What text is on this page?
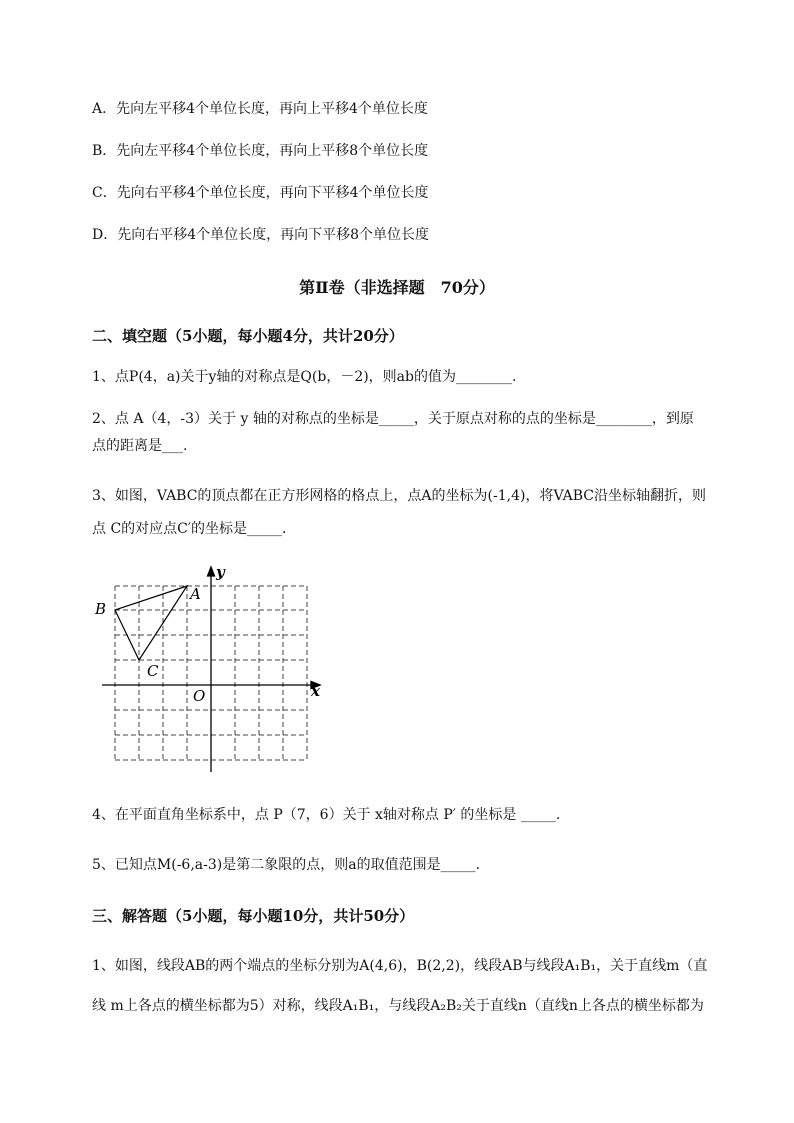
A．先向左平移4个单位长度，再向上平移4个单位长度
B．先向左平移4个单位长度，再向上平移8个单位长度
C．先向右平移4个单位长度，再向下平移4个单位长度
D．先向右平移4个单位长度，再向下平移8个单位长度
第Ⅱ卷（非选择题　70分）
二、填空题（5小题，每小题4分，共计20分）
1、点P(4，a)关于y轴的对称点是Q(b，－2)，则ab的值为________.
2、点 A（4，-3）关于 y 轴的对称点的坐标是_____，关于原点对称的点的坐标是________，到原
点的距离是___.
3、如图，VABC的顶点都在正方形网格的格点上，点A的坐标为(-1,4)，将VABC沿坐标轴翻折，则
点 C的对应点C′的坐标是_____.
A
B
C
O	x
y
4、在平面直角坐标系中，点 P（7，6）关于 x轴对称点 P′ 的坐标是 _____.
5、已知点M(-6,a-3)是第二象限的点，则a的取值范围是_____.
三、解答题（5小题，每小题10分，共计50分）
1、如图，线段AB的两个端点的坐标分别为A(4,6)，B(2,2)，线段AB与线段A₁B₁，关于直线m（直
线 m上各点的横坐标都为5）对称，线段A₁B₁，与线段A₂B₂关于直线n（直线n上各点的横坐标都为
